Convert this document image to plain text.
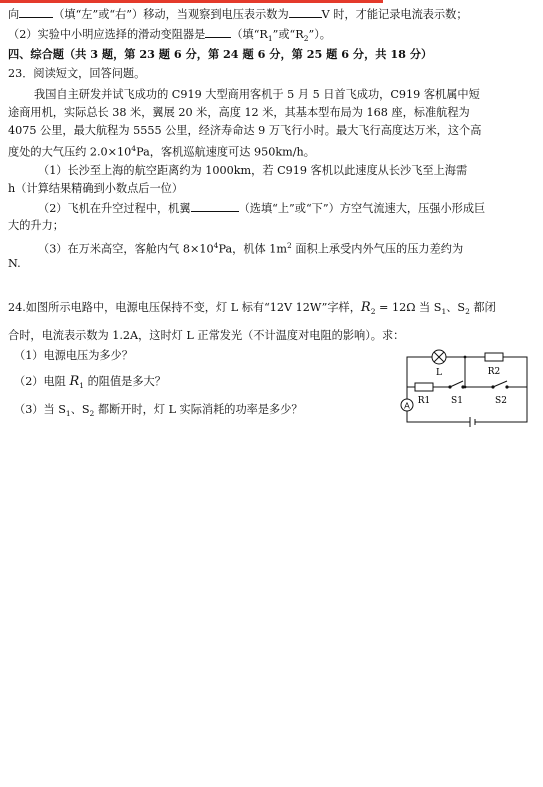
向	（填“左”或“右”）移动，当观察到电压表示数为	V 时，才能记录电流表示数；
（2）实验中小明应选择的滑动变阻器是 （填“$R_1$”或“$R_2$”）。
四、综合题（共 3 题，第 23 题 6 分，第 24 题 6 分，第 25 题 6 分，共 18 分）
23．阅读短文，回答问题。
我国自主研发并试飞成功的 C919 大型商用客机于 5 月 5 日首飞成功，C919 客机属中短
途商用机，实际总长 38 米，翼展 20 米，高度 12 米，其基本型布局为 168 座，标准航程为
4075 公里，最大航程为 5555 公里，经济寿命达 9 万飞行小时。最大飞行高度达万米，这个高
度处的大气压约 $2.0\times 10^4Pa$，客机巡航速度可达 950km/h。
（1）长沙至上海的航空距离约为 1000km，若 C919 客机以此速度从长沙飞至上海需
h（计算结果精确到小数点后一位）
（2）飞机在升空过程中，机翼	（选填“上”或“下”）方空气流速大，压强小形成巨
大的升力；
（3）在万米高空，客舱内气 $8\times 10^4Pa$，机体 $1m^2$ 面积上承受内外气压的压力差约为
N.
24.如图所示电路中，电源电压保持不变，灯 L 标有“12V 12W”字样，$R_2 = 12\Omega$ 当 $S_1$、$S_2$ 都闭
合时，电流表示数为 1.2A，这时灯 L 正常发光（不计温度对电阻的影响）。求：
（1）电源电压为多少？
（2）电阻 $R_1$ 的阻值是多大？
（3）当 $S_1$、$S_2$ 都断开时，灯 L 实际消耗的功率是多少？	A
L	R2
R1 S1	S2
